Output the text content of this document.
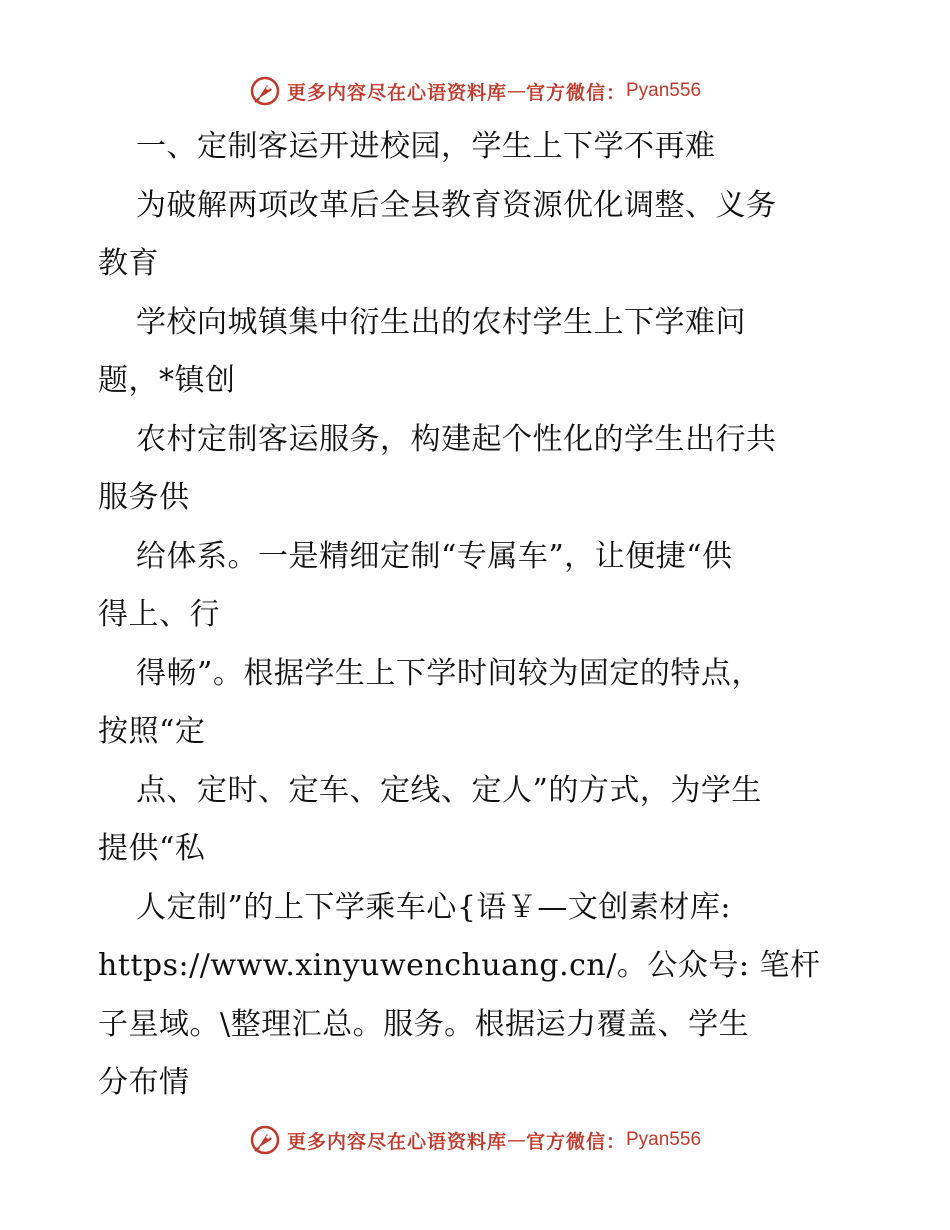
更多内容尽在心语资料库 — 官方微信： Pyan556
一、定制客运开进校园，学生上下学不再难
为破解两项改革后全县教育资源优化调整、义务
教育
学校向城镇集中衍生出的农村学生上下学难问
题，*镇创
农村定制客运服务，构建起个性化的学生出行共
服务供
给体系。一是精细定制“专属车”，让便捷“供
得上、行
得畅”。根据学生上下学时间较为固定的特点，
按照“定
点、定时、定车、定线、定人”的方式，为学生
提供“私
人定制”的上下学乘车心{语￥—文创素材库:
https://www.xinyuwenchuang.cn/。公众号: 笔杆
子星域。\整理汇总。服务。根据运力覆盖、学生
分布情
更多内容尽在心语资料库 — 官方微信： Pyan556
